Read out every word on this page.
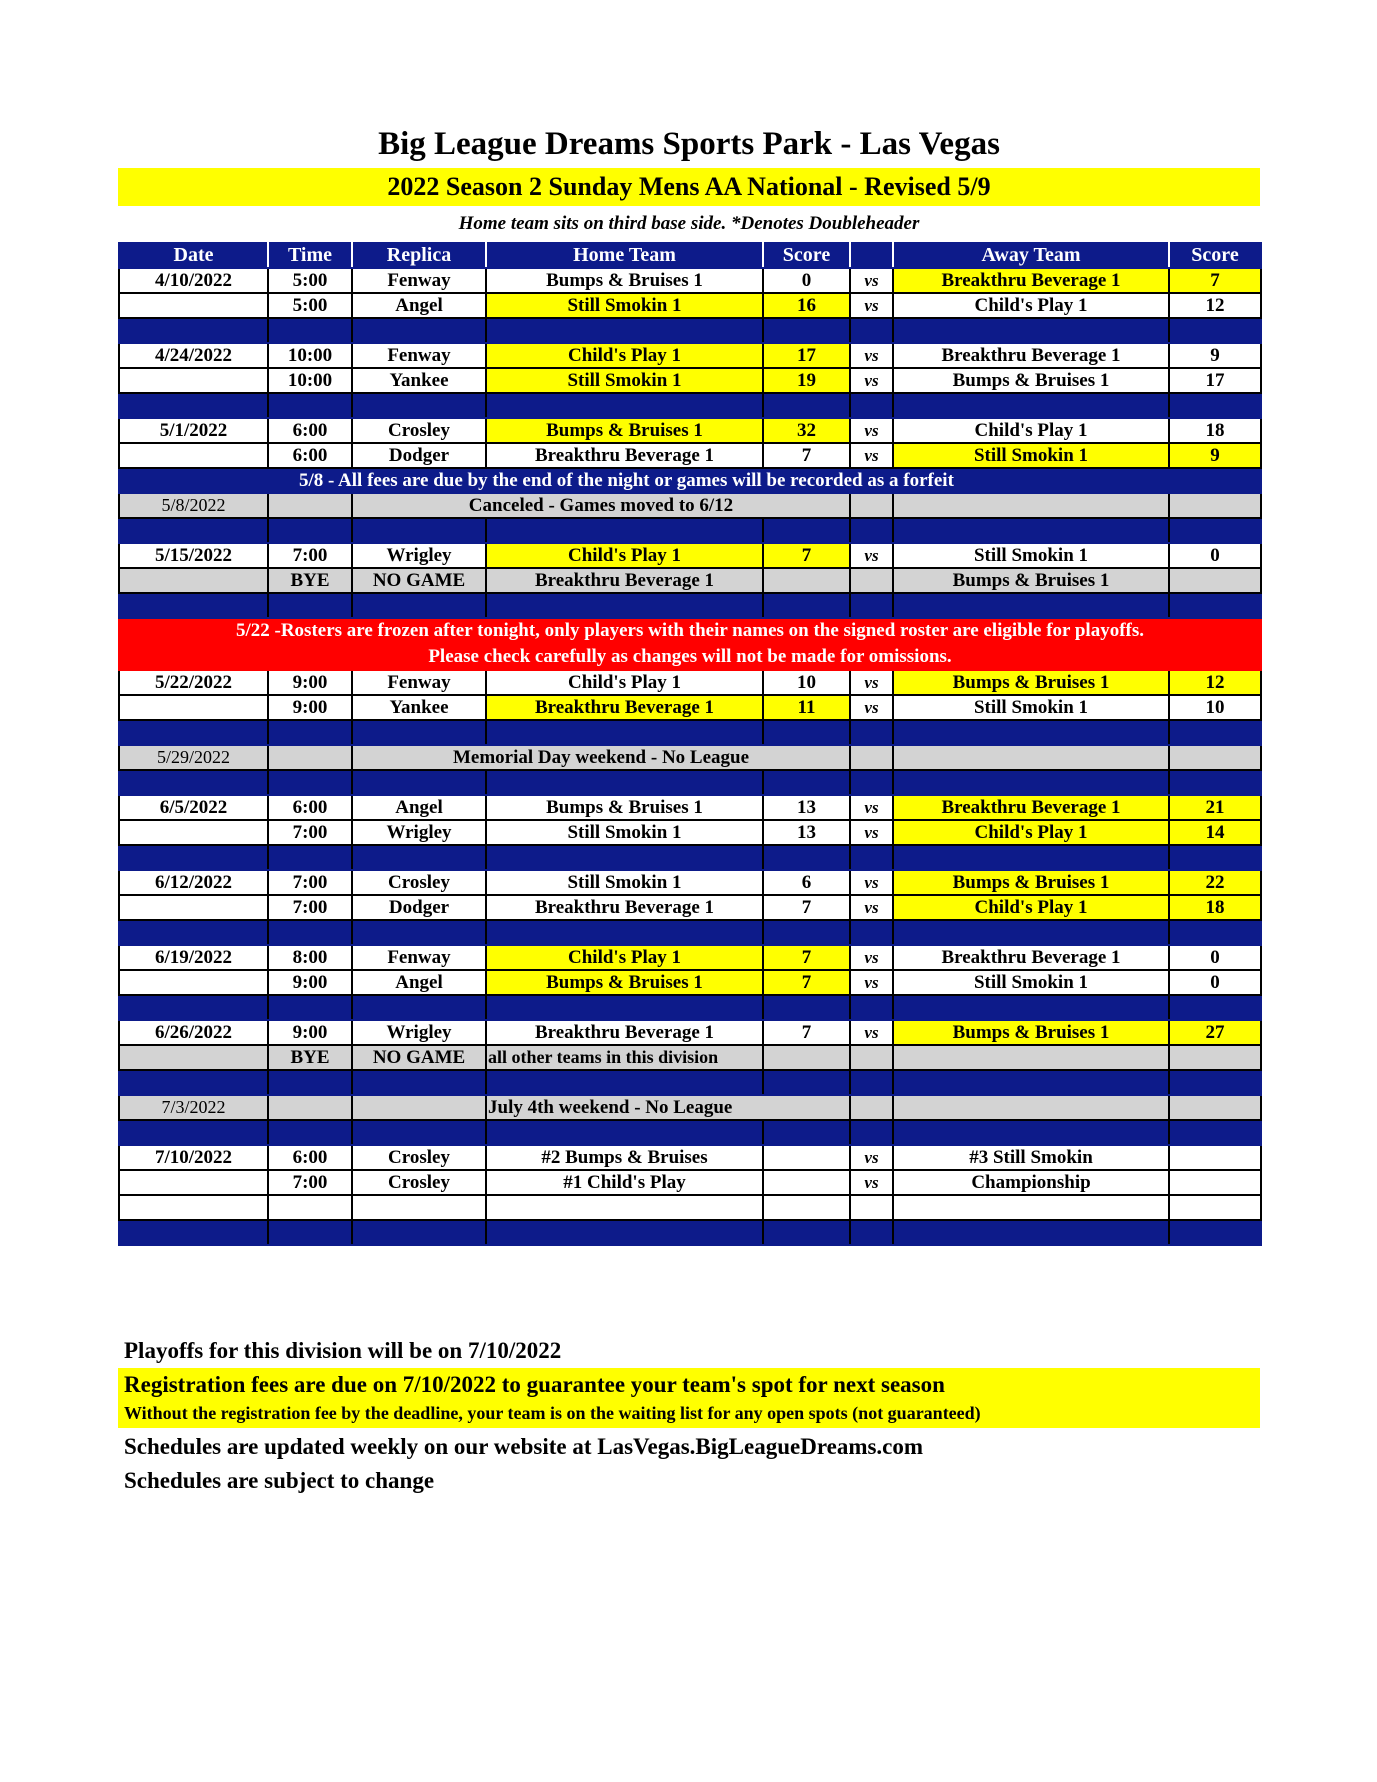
Big League Dreams Sports Park - Las Vegas
2022 Season 2 Sunday Mens AA National - Revised 5/9
Home team sits on third base side. *Denotes Doubleheader
Date	Time	Replica	Home Team	Score		Away Team	Score
4/10/2022	5:00	Fenway	Bumps & Bruises 1	0	vs	Breakthru Beverage 1	7
	5:00	Angel	Still Smokin 1	16	vs	Child's Play 1	12

4/24/2022	10:00	Fenway	Child's Play 1	17	vs	Breakthru Beverage 1	9
	10:00	Yankee	Still Smokin 1	19	vs	Bumps & Bruises 1	17

5/1/2022	6:00	Crosley	Bumps & Bruises 1	32	vs	Child's Play 1	18
	6:00	Dodger	Breakthru Beverage 1	7	vs	Still Smokin 1	9
	5/8 - All fees are due by the end of the night or games will be recorded as a forfeit						
5/8/2022		Canceled - Games moved to 6/12					

5/15/2022	7:00	Wrigley	Child's Play 1	7	vs	Still Smokin 1	0
	BYE	NO GAME	Breakthru Beverage 1			Bumps & Bruises 1	

5/22 -Rosters are frozen after tonight, only players with their names on the signed roster are eligible for playoffs.							
Please check carefully as changes will not be made for omissions.							
5/22/2022	9:00	Fenway	Child's Play 1	10	vs	Bumps & Bruises 1	12
	9:00	Yankee	Breakthru Beverage 1	11	vs	Still Smokin 1	10

5/29/2022		Memorial Day weekend - No League					

6/5/2022	6:00	Angel	Bumps & Bruises 1	13	vs	Breakthru Beverage 1	21
	7:00	Wrigley	Still Smokin 1	13	vs	Child's Play 1	14

6/12/2022	7:00	Crosley	Still Smokin 1	6	vs	Bumps & Bruises 1	22
	7:00	Dodger	Breakthru Beverage 1	7	vs	Child's Play 1	18

6/19/2022	8:00	Fenway	Child's Play 1	7	vs	Breakthru Beverage 1	0
	9:00	Angel	Bumps & Bruises 1	7	vs	Still Smokin 1	0

6/26/2022	9:00	Wrigley	Breakthru Beverage 1	7	vs	Bumps & Bruises 1	27
	BYE	NO GAME	all other teams in this division				

7/3/2022			July 4th weekend - No League				

7/10/2022	6:00	Crosley	#2 Bumps & Bruises		vs	#3 Still Smokin	
	7:00	Crosley	#1 Child's Play		vs	Championship	

Playoffs for this division will be on 7/10/2022
Registration fees are due on 7/10/2022 to guarantee your team's spot for next season
Without the registration fee by the deadline, your team is on the waiting list for any open spots (not guaranteed)
Schedules are updated weekly on our website at LasVegas.BigLeagueDreams.com
Schedules are subject to change
